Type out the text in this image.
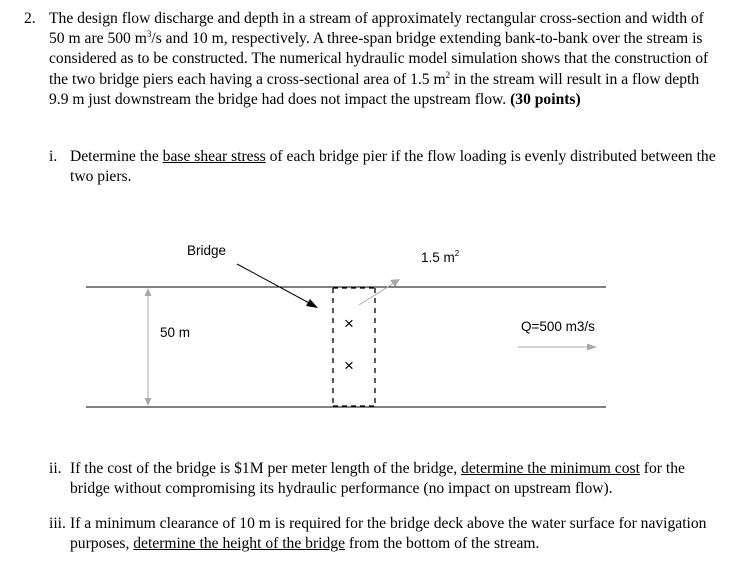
2. The design flow discharge and depth in a stream of approximately rectangular cross-section and width of 50 m are 500 $m^3/s$ and 10 m, respectively. A three-span bridge extending bank-to-bank over the stream is considered as to be constructed. The numerical hydraulic model simulation shows that the construction of the two bridge piers each having a cross-sectional area of 1.5 $m^2$ in the stream will result in a flow depth 9.9 m just downstream the bridge had does not impact the upstream flow. (30 points)
i. Determine the base shear stress of each bridge pier if the flow loading is evenly distributed between the two piers.
50 m	×
×
Bridge	1.5 $m^2$
Q=500 m3/s
ii. If the cost of the bridge is $1M per meter length of the bridge, determine the minimum cost for the bridge without compromising its hydraulic performance (no impact on upstream flow).
iii. If a minimum clearance of 10 m is required for the bridge deck above the water surface for navigation purposes, determine the height of the bridge from the bottom of the stream.
